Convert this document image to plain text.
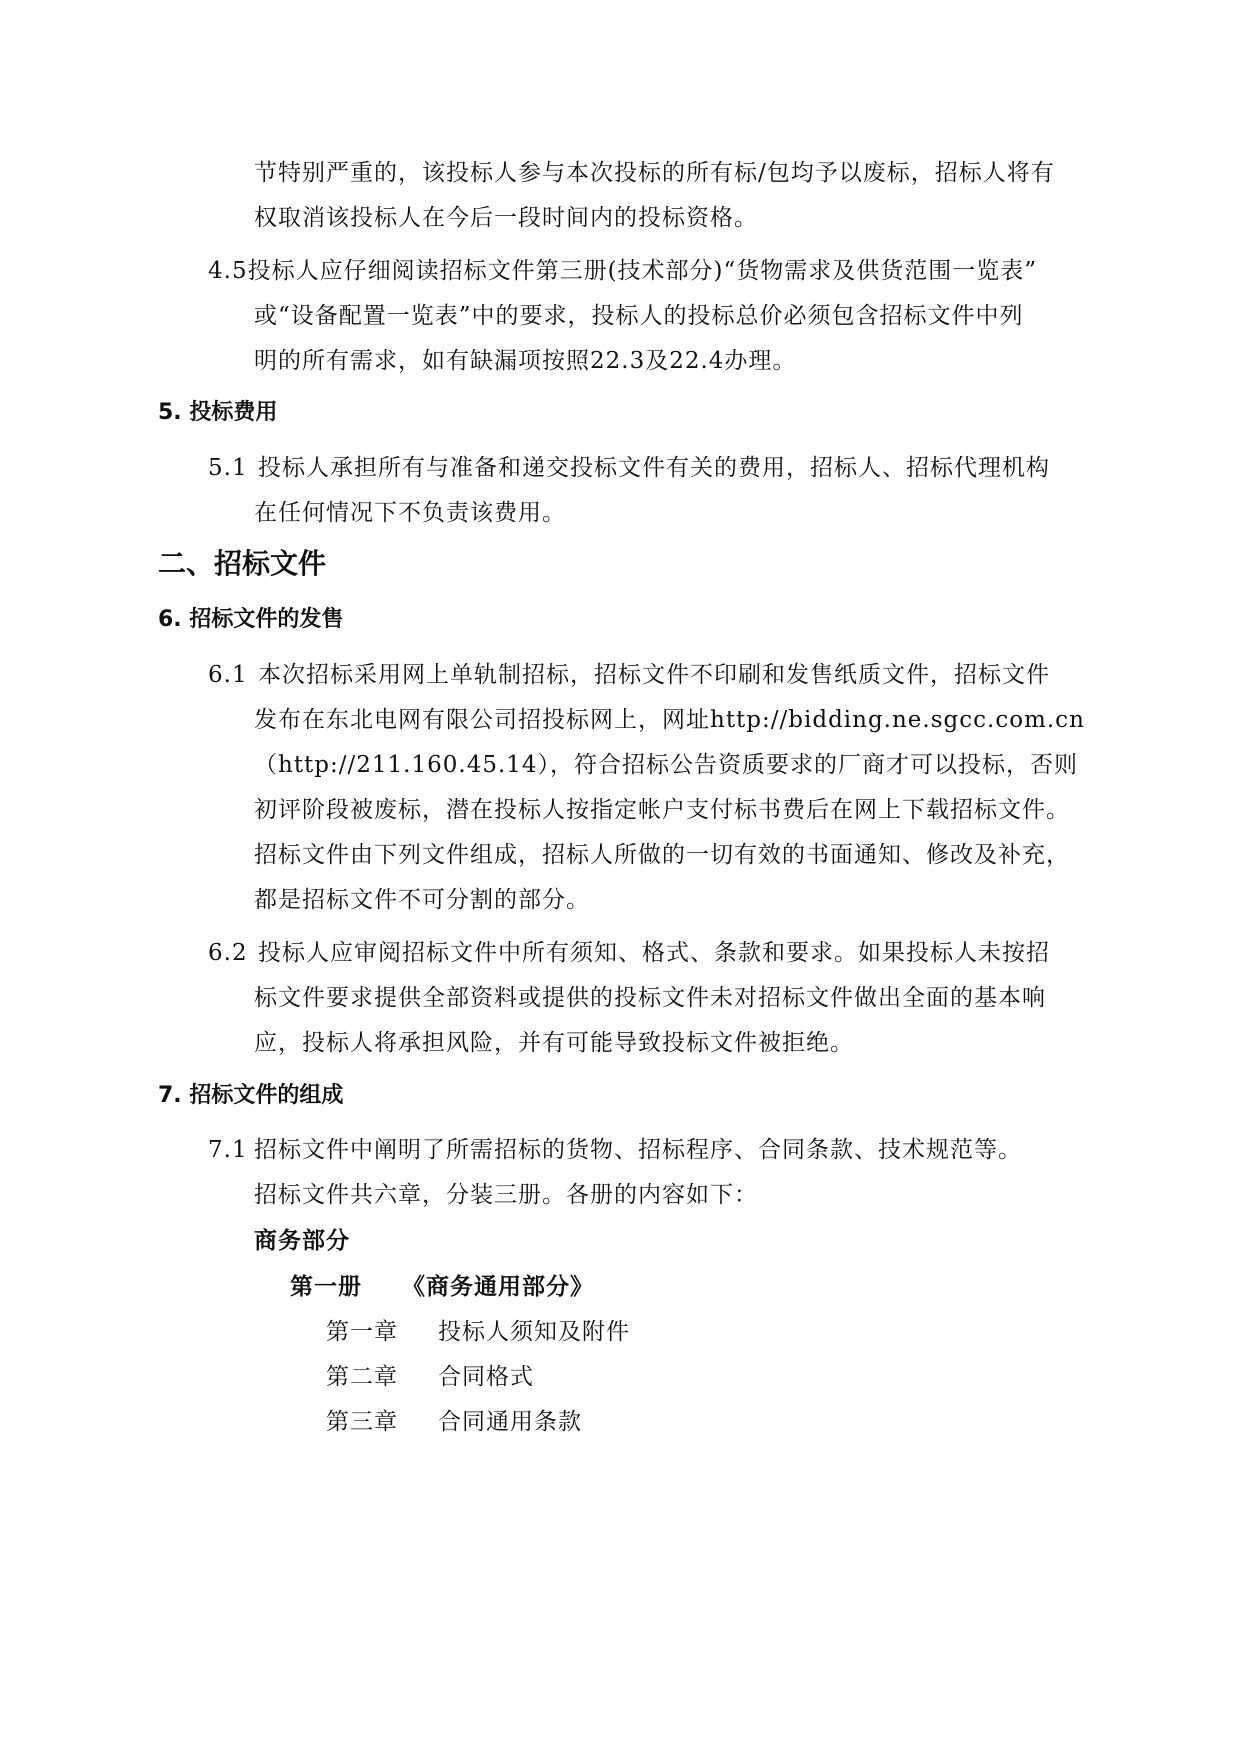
节特别严重的，该投标人参与本次投标的所有标/包均予以废标，招标人将有
权取消该投标人在今后一段时间内的投标资格。
4.5投标人应仔细阅读招标文件第三册(技术部分)“货物需求及供货范围一览表”
或“设备配置一览表”中的要求，投标人的投标总价必须包含招标文件中列
明的所有需求，如有缺漏项按照22.3及22.4办理。
5. 投标费用
5.1 投标人承担所有与准备和递交投标文件有关的费用，招标人、招标代理机构
在任何情况下不负责该费用。
二、招标文件
6. 招标文件的发售
6.1 本次招标采用网上单轨制招标，招标文件不印刷和发售纸质文件，招标文件
发布在东北电网有限公司招投标网上，网址http://bidding.ne.sgcc.com.cn
（http://211.160.45.14），符合招标公告资质要求的厂商才可以投标，否则
初评阶段被废标，潜在投标人按指定帐户支付标书费后在网上下载招标文件。
招标文件由下列文件组成，招标人所做的一切有效的书面通知、修改及补充，
都是招标文件不可分割的部分。
6.2 投标人应审阅招标文件中所有须知、格式、条款和要求。如果投标人未按招
标文件要求提供全部资料或提供的投标文件未对招标文件做出全面的基本响
应，投标人将承担风险，并有可能导致投标文件被拒绝。
7. 招标文件的组成
7.1 招标文件中阐明了所需招标的货物、招标程序、合同条款、技术规范等。
招标文件共六章，分装三册。各册的内容如下：
商务部分
第一册 《商务通用部分》
第一章 投标人须知及附件
第二章 合同格式
第三章 合同通用条款
